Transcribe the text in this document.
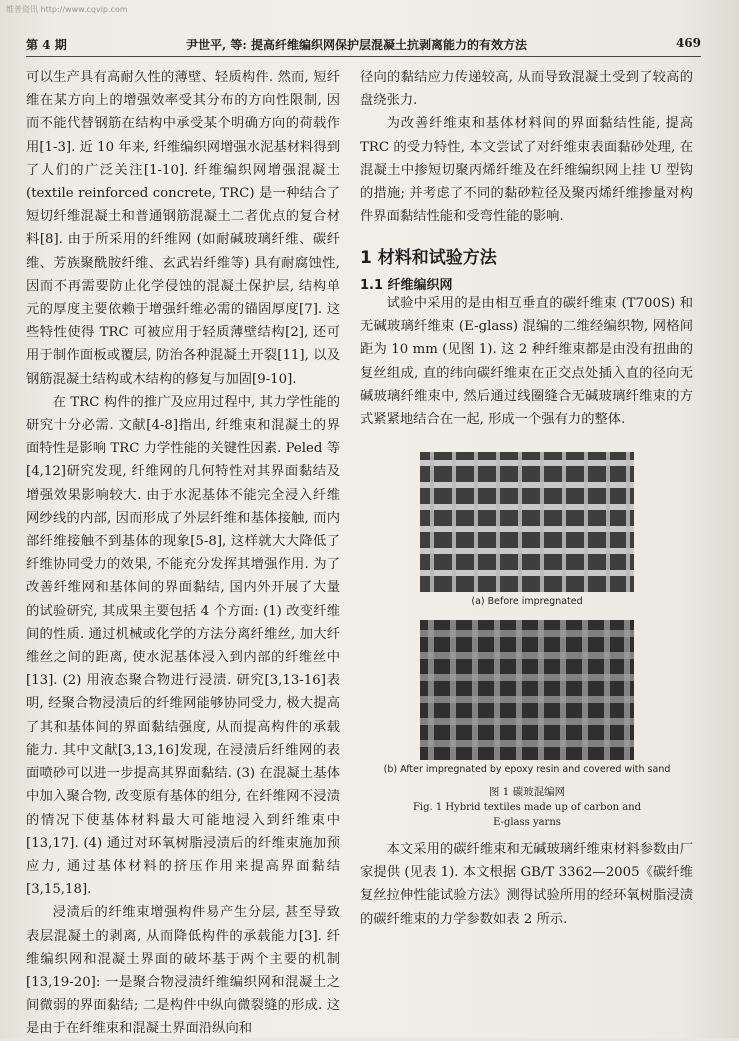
维普资讯 http://www.cqvip.com
第 4 期	尹世平, 等: 提高纤维编织网保护层混凝土抗剥离能力的有效方法	469

可以生产具有高耐久性的薄壁、轻质构件. 然而, 短纤维在某方向上的增强效率受其分布的方向性限制, 因而不能代替钢筋在结构中承受某个明确方向的荷载作用[1-3]. 近 10 年来, 纤维编织网增强水泥基材料得到了人们的广泛关注[1-10]. 纤维编织网增强混凝土 (textile reinforced concrete, TRC) 是一种结合了短切纤维混凝土和普通钢筋混凝土二者优点的复合材料[8]. 由于所采用的纤维网 (如耐碱玻璃纤维、碳纤维、芳族聚酰胺纤维、玄武岩纤维等) 具有耐腐蚀性, 因而不再需要防止化学侵蚀的混凝土保护层, 结构单元的厚度主要依赖于增强纤维必需的锚固厚度[7]. 这些特性使得 TRC 可被应用于轻质薄壁结构[2], 还可用于制作面板或覆层, 防治各种混凝土开裂[11], 以及钢筋混凝土结构或木结构的修复与加固[9-10].

在 TRC 构件的推广及应用过程中, 其力学性能的研究十分必需. 文献[4-8]指出, 纤维束和混凝土的界面特性是影响 TRC 力学性能的关键性因素. Peled 等[4,12]研究发现, 纤维网的几何特性对其界面黏结及增强效果影响较大. 由于水泥基体不能完全浸入纤维网纱线的内部, 因而形成了外层纤维和基体接触, 而内部纤维接触不到基体的现象[5-8], 这样就大大降低了纤维协同受力的效果, 不能充分发挥其增强作用. 为了改善纤维网和基体间的界面黏结, 国内外开展了大量的试验研究, 其成果主要包括 4 个方面: (1) 改变纤维间的性质. 通过机械或化学的方法分离纤维丝, 加大纤维丝之间的距离, 使水泥基体浸入到内部的纤维丝中[13]. (2) 用液态聚合物进行浸渍. 研究[3,13-16]表明, 经聚合物浸渍后的纤维网能够协同受力, 极大提高了其和基体间的界面黏结强度, 从而提高构件的承载能力. 其中文献[3,13,16]发现, 在浸渍后纤维网的表面喷砂可以进一步提高其界面黏结. (3) 在混凝土基体中加入聚合物, 改变原有基体的组分, 在纤维网不浸渍的情况下使基体材料最大可能地浸入到纤维束中[13,17]. (4) 通过对环氧树脂浸渍后的纤维束施加预应力, 通过基体材料的挤压作用来提高界面黏结[3,15,18].

浸渍后的纤维束增强构件易产生分层, 甚至导致表层混凝土的剥离, 从而降低构件的承载能力[3]. 纤维编织网和混凝土界面的破坏基于两个主要的机制[13,19-20]: 一是聚合物浸渍纤维编织网和混凝土之间微弱的界面黏结; 二是构件中纵向微裂缝的形成. 这是由于在纤维束和混凝土界面沿纵向和

径向的黏结应力传递较高, 从而导致混凝土受到了较高的盘绕张力.

为改善纤维束和基体材料间的界面黏结性能, 提高 TRC 的受力特性, 本文尝试了对纤维束表面黏砂处理, 在混凝土中掺短切聚丙烯纤维及在纤维编织网上挂 U 型钩的措施; 并考虑了不同的黏砂粒径及聚丙烯纤维掺量对构件界面黏结性能和受弯性能的影响.

1 材料和试验方法
1.1 纤维编织网

试验中采用的是由相互垂直的碳纤维束 (T700S) 和无碱玻璃纤维束 (E-glass) 混编的二维经编织物, 网格间距为 10 mm (见图 1). 这 2 种纤维束都是由没有扭曲的复丝组成, 直的纬向碳纤维束在正交点处插入直的径向无碱玻璃纤维束中, 然后通过线圈缝合无碱玻璃纤维束的方式紧紧地结合在一起, 形成一个强有力的整体.

(a) Before impregnated
(b) After impregnated by epoxy resin and covered with sand
图 1 碳玻混编网
Fig. 1 Hybrid textiles made up of carbon and
E-glass yarns

本文采用的碳纤维束和无碱玻璃纤维束材料参数由厂家提供 (见表 1). 本文根据 GB/T 3362—2005《碳纤维复丝拉伸性能试验方法》测得试验所用的经环氧树脂浸渍的碳纤维束的力学参数如表 2 所示.
